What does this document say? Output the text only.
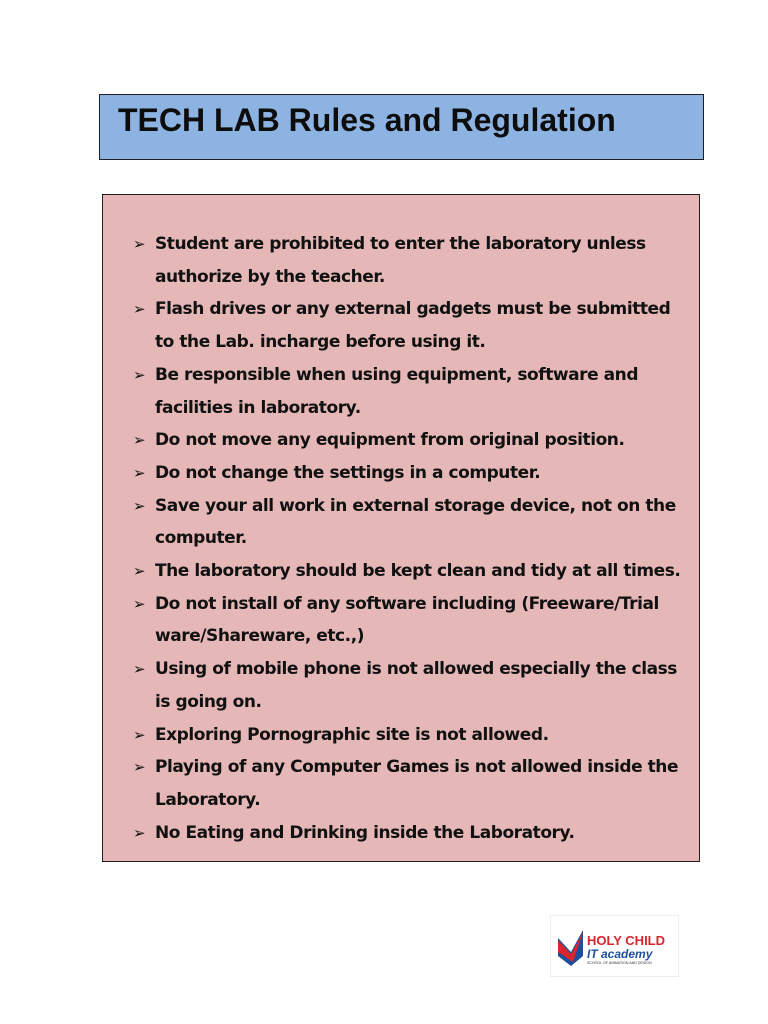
TECH LAB Rules and Regulation
➢ Student are prohibited to enter the laboratory unless authorize by the teacher.
➢ Flash drives or any external gadgets must be submitted to the Lab. incharge before using it.
➢ Be responsible when using equipment, software and facilities in laboratory.
➢ Do not move any equipment from original position.
➢ Do not change the settings in a computer.
➢ Save your all work in external storage device, not on the computer.
➢ The laboratory should be kept clean and tidy at all times.
➢ Do not install of any software including (Freeware/Trial ware/Shareware, etc.,)
➢ Using of mobile phone is not allowed especially the class is going on.
➢ Exploring Pornographic site is not allowed.
➢ Playing of any Computer Games is not allowed inside the Laboratory.
➢ No Eating and Drinking inside the Laboratory.
HOLY CHILD
IT academy
SCHOOL OF ANIMATION AND DESIGN
